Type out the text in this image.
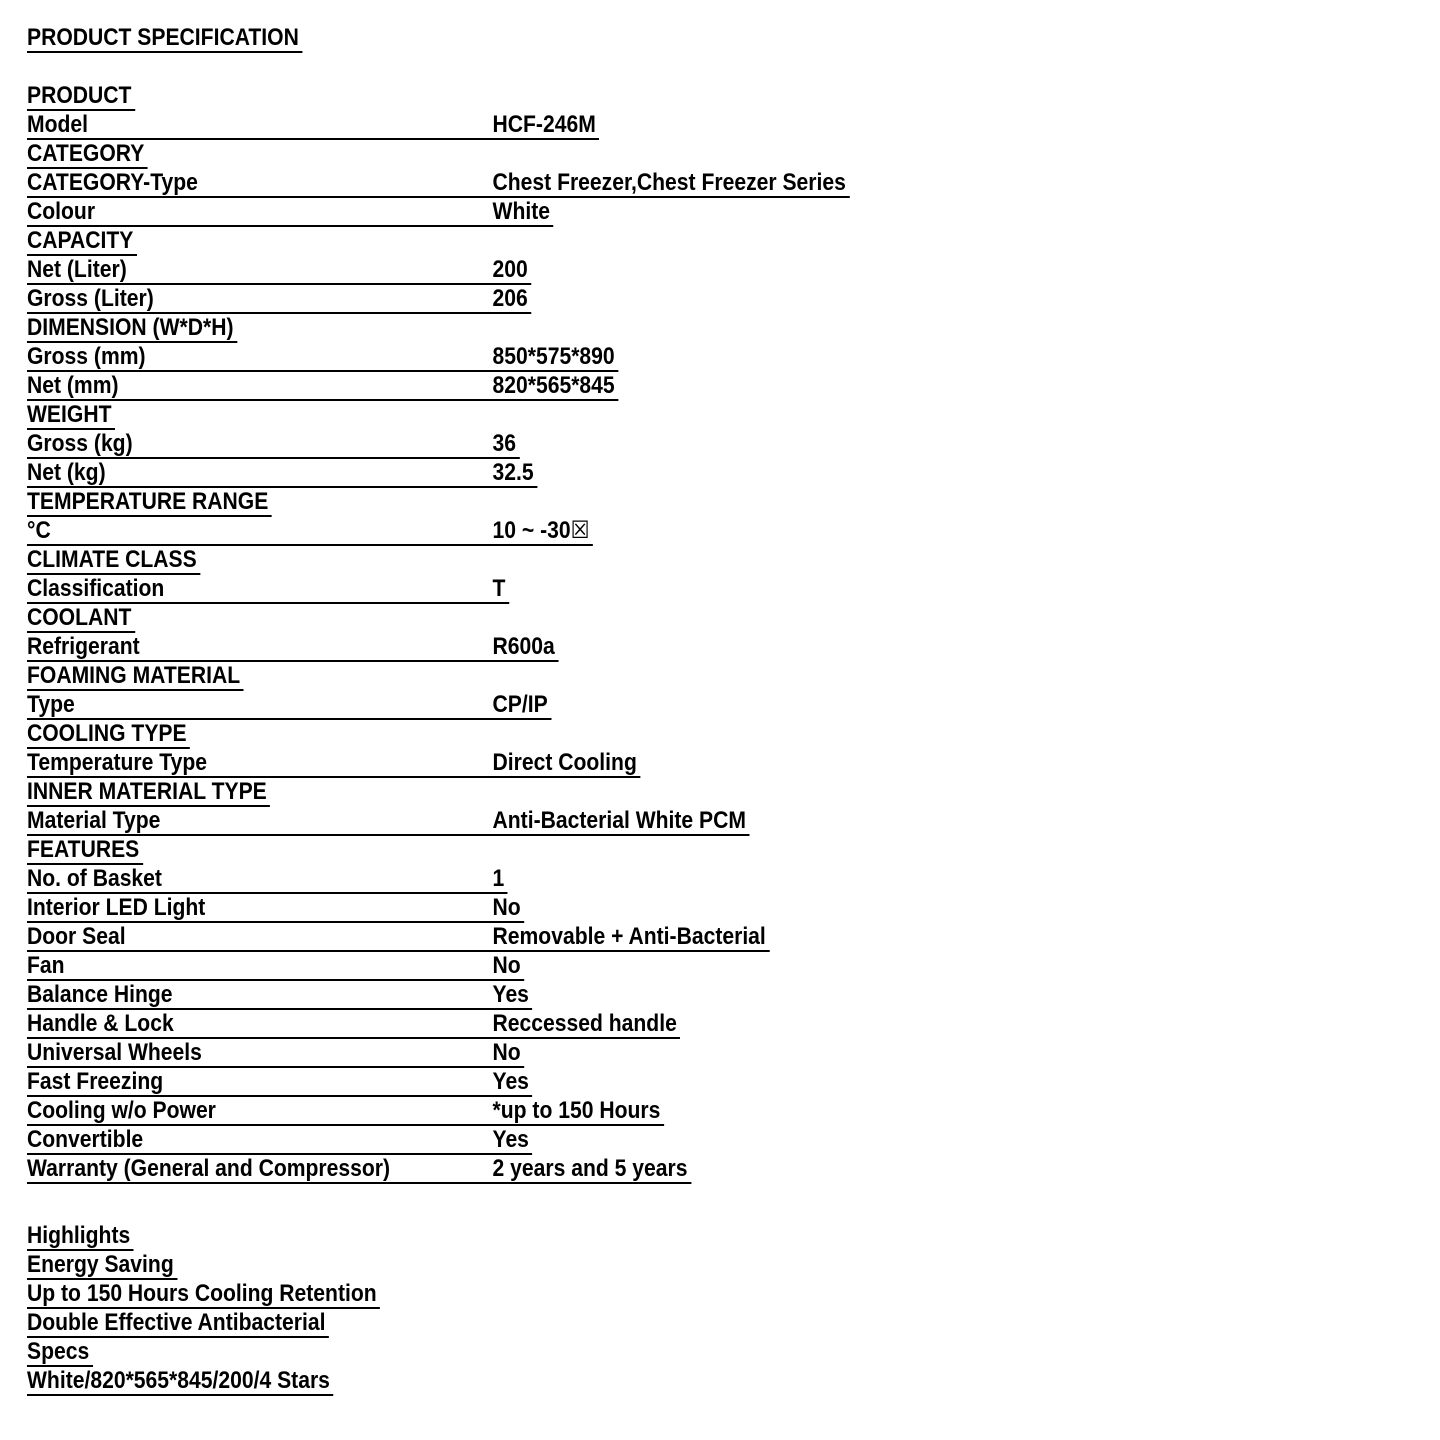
PRODUCT SPECIFICATION
PRODUCT
Model	HCF-246M
CATEGORY
CATEGORY-Type	Chest Freezer,Chest Freezer Series
Colour	White
CAPACITY
Net (Liter)	200
Gross (Liter)	206
DIMENSION (W*D*H)
Gross (mm)	850*575*890
Net (mm)	820*565*845
WEIGHT
Gross (kg)	36
Net (kg)	32.5
TEMPERATURE RANGE
°C	10 ~ -30☒
CLIMATE CLASS
Classification	T
COOLANT
Refrigerant	R600a
FOAMING MATERIAL
Type	CP/IP
COOLING TYPE
Temperature Type	Direct Cooling
INNER MATERIAL TYPE
Material Type	Anti-Bacterial White PCM
FEATURES
No. of Basket	1
Interior LED Light	No
Door Seal	Removable + Anti-Bacterial
Fan	No
Balance Hinge	Yes
Handle & Lock	Reccessed handle
Universal Wheels	No
Fast Freezing	Yes
Cooling w/o Power	*up to 150 Hours
Convertible	Yes
Warranty (General and Compressor)	2 years and 5 years
Highlights
Energy Saving
Up to 150 Hours Cooling Retention
Double Effective Antibacterial
Specs
White/820*565*845/200/4 Stars
